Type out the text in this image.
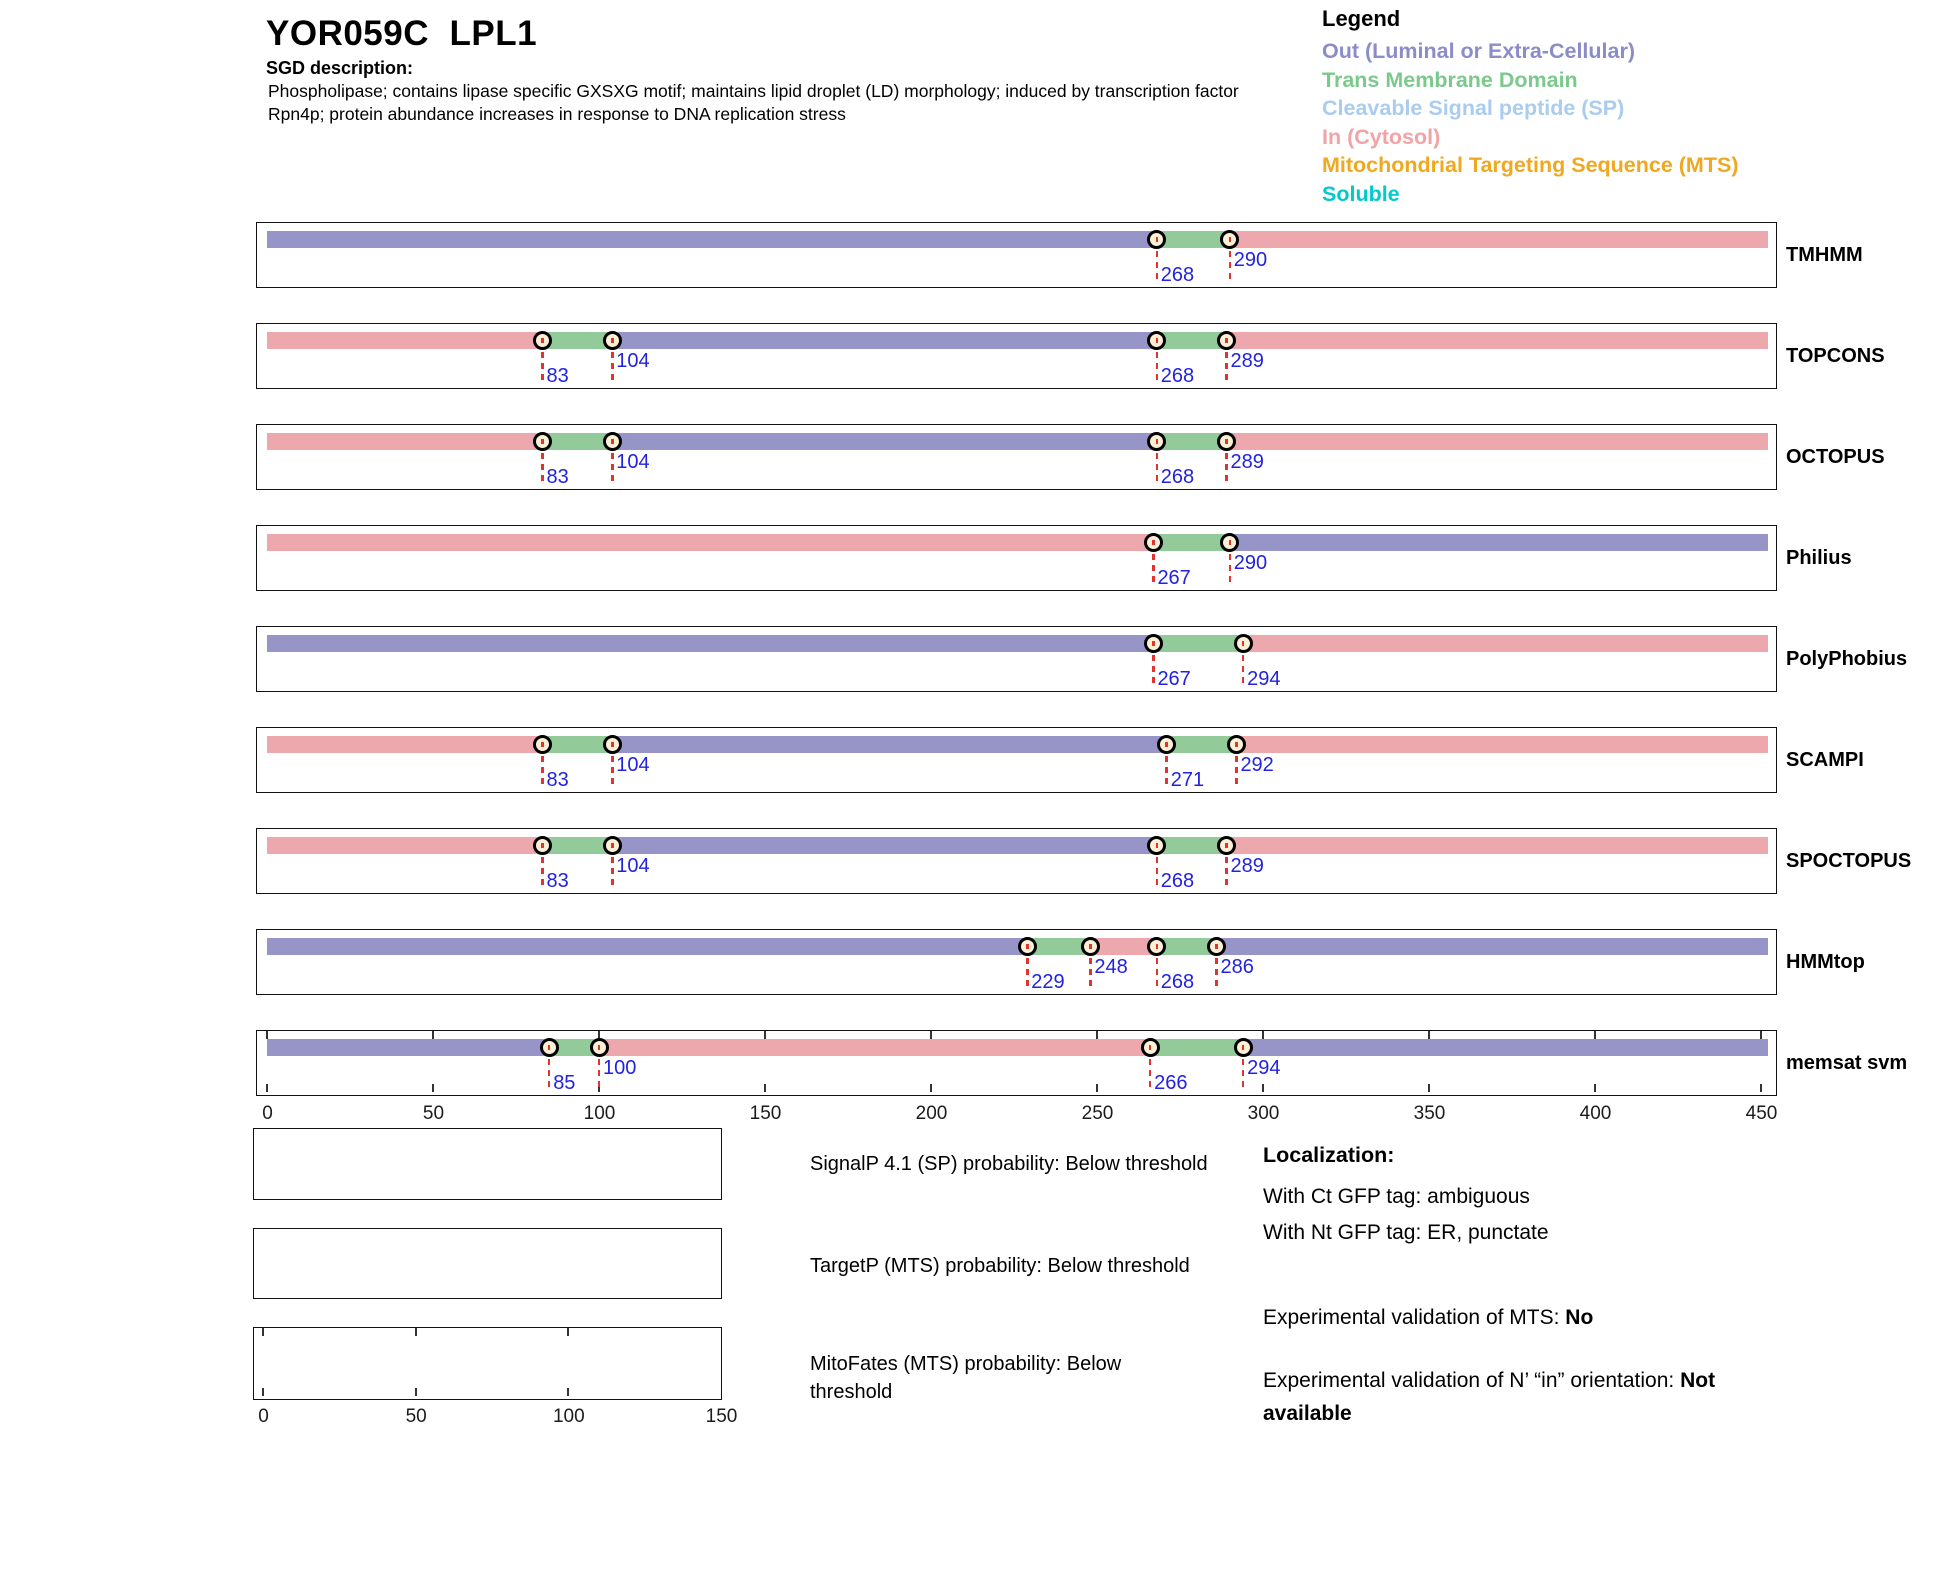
YOR059C  LPL1
SGD description:
Phospholipase; contains lipase specific GXSXG motif; maintains lipid droplet (LD) morphology; induced by transcription factor Rpn4p; protein abundance increases in response to DNA replication stress
Legend
Out (Luminal or Extra-Cellular)
Trans Membrane Domain
Cleavable Signal peptide (SP)
In (Cytosol)
Mitochondrial Targeting Sequence (MTS)
Soluble
268
290	TMHMM
83
104
268
289	TOPCONS
83
104
268
289	OCTOPUS
267
290	Philius
267	294
PolyPhobius
83
104
271
292	SCAMPI
83
104
268
289	SPOCTOPUS
229
248
268
286	HMMtop
85
100
266
294
0	50	100	150	200	250	300	350	400	450
memsat svm
SignalP 4.1 (SP) probability: Below threshold
TargetP (MTS) probability: Below threshold
0	50	100	150
MitoFates (MTS) probability: Below threshold
Localization:
With Ct GFP tag: ambiguous
With Nt GFP tag: ER, punctate
Experimental validation of MTS: No
Experimental validation of N’ “in” orientation: Not available
